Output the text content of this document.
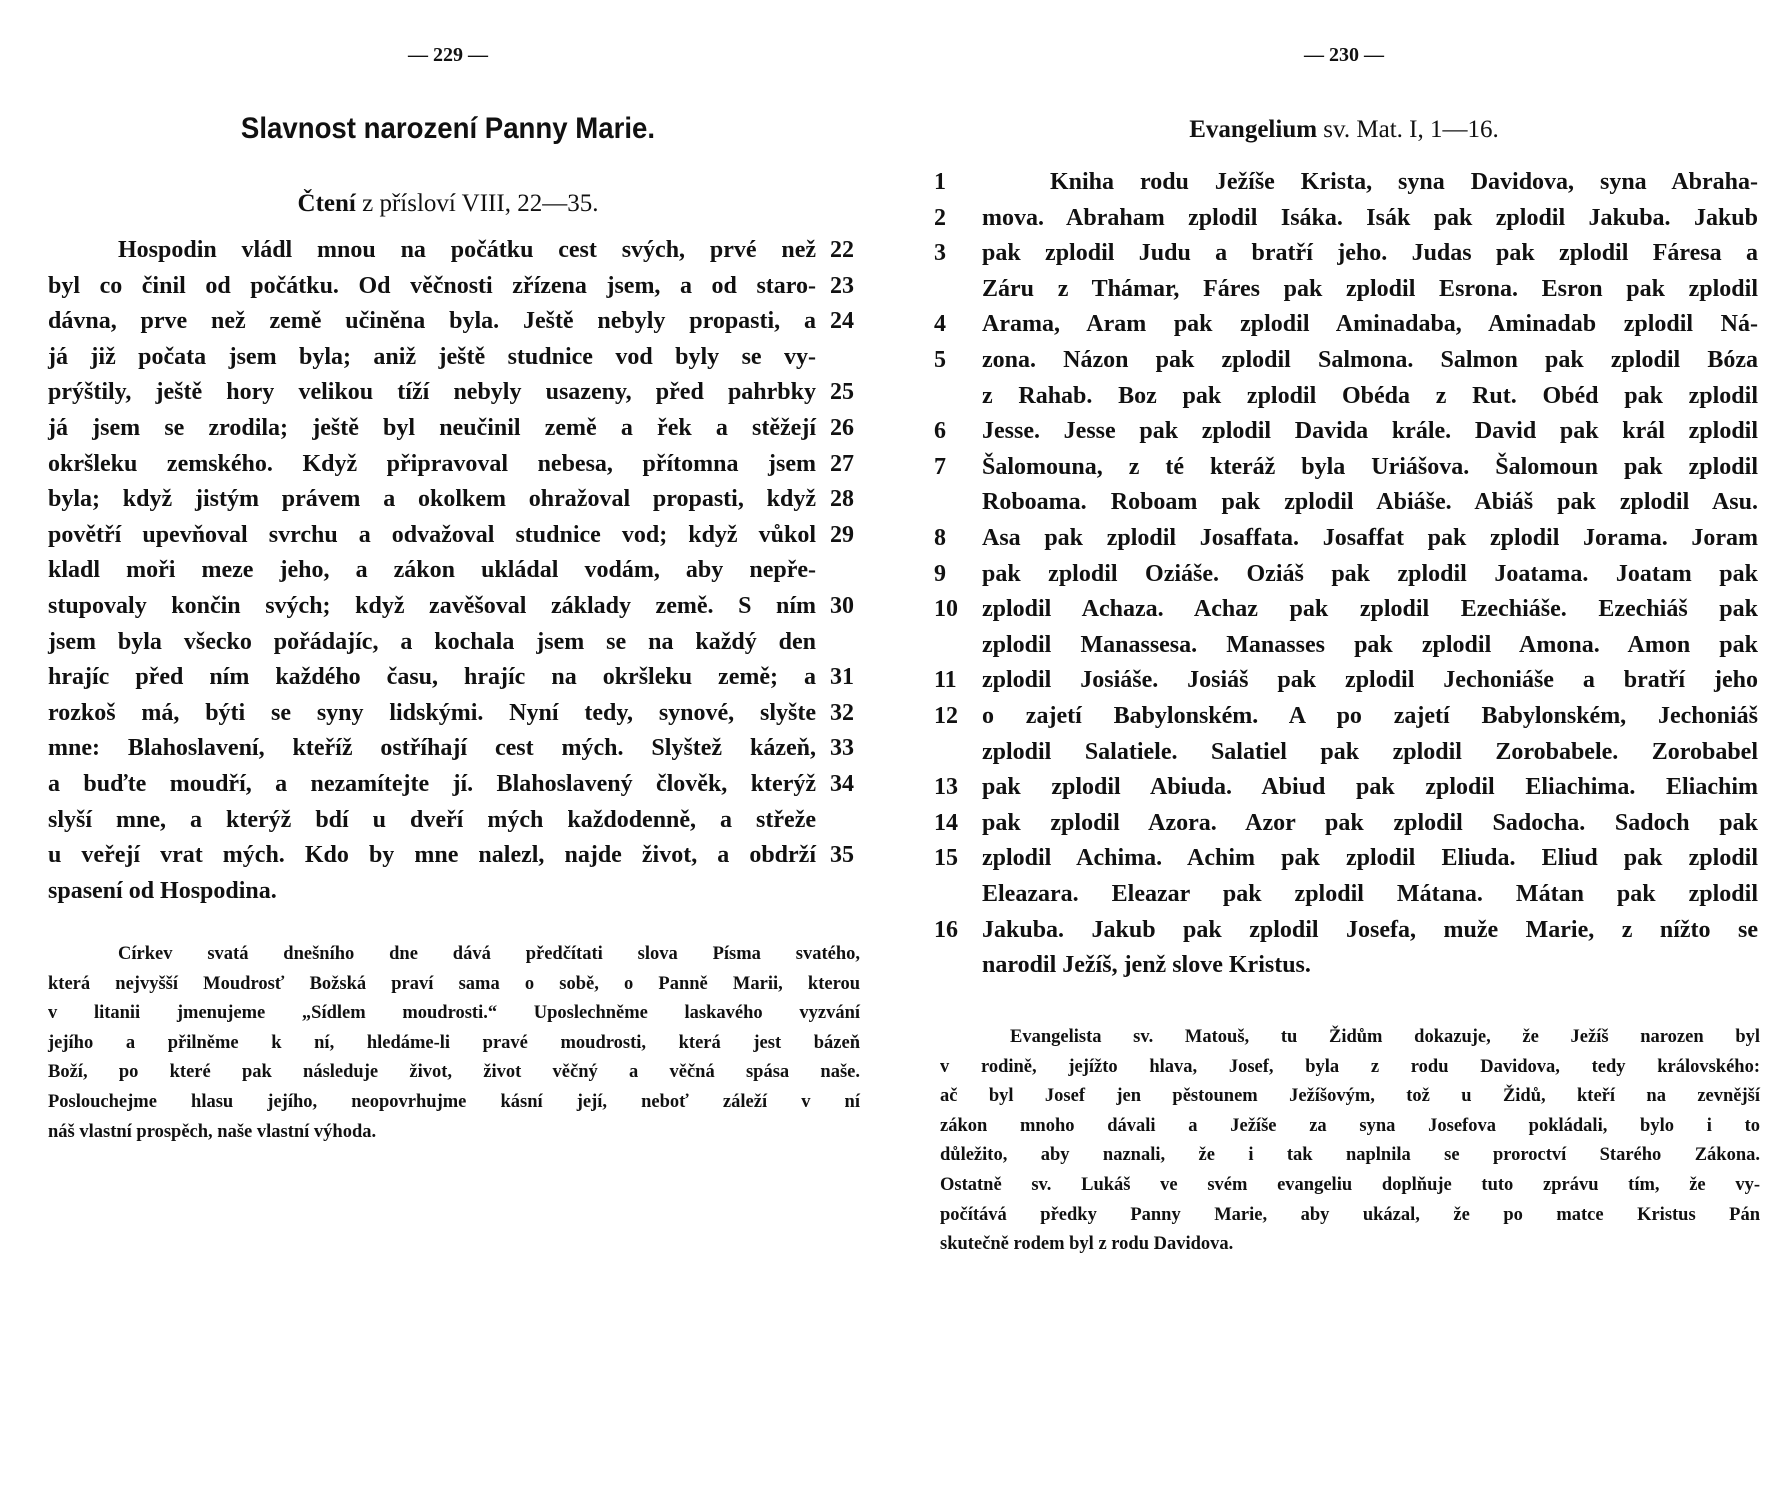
— 229 —
Slavnost narození Panny Marie.
Čtení z přísloví VIII, 22—35.
Hospodin vládl mnou na počátku cest svých, prvé než 22
byl co činil od počátku. Od věčnosti zřízena jsem, a od staro- 23
dávna, prve než země učiněna byla. Ještě nebyly propasti, a 24
já již počata jsem byla; aniž ještě studnice vod byly se vy-
prýštily, ještě hory velikou tíží nebyly usazeny, před pahrbky 25
já jsem se zrodila; ještě byl neučinil země a řek a stěžejí 26
okršleku zemského. Když připravoval nebesa, přítomna jsem 27
byla; když jistým právem a okolkem ohražoval propasti, když 28
povětří upevňoval svrchu a odvažoval studnice vod; když vůkol 29
kladl moři meze jeho, a zákon ukládal vodám, aby nepře-
stupovaly končin svých; když zavěšoval základy země. S ním 30
jsem byla všecko pořádajíc, a kochala jsem se na každý den
hrajíc před ním každého času, hrajíc na okršleku země; a 31
rozkoš má, býti se syny lidskými. Nyní tedy, synové, slyšte 32
mne: Blahoslavení, kteříž ostříhají cest mých. Slyštež kázeň, 33
a buďte moudří, a nezamítejte jí. Blahoslavený člověk, kterýž 34
slyší mne, a kterýž bdí u dveří mých každodenně, a střeže
u veřejí vrat mých. Kdo by mne nalezl, najde život, a obdrží 35
spasení od Hospodina.
Církev svatá dnešního dne dává předčítati slova Písma svatého,
která nejvyšší Moudrosť Božská praví sama o sobě, o Panně Marii, kterou
v litanii jmenujeme „Sídlem moudrosti.“ Uposlechněme laskavého vyzvání
jejího a přilněme k ní, hledáme-li pravé moudrosti, která jest bázeň
Boží, po které pak následuje život, život věčný a věčná spása naše.
Poslouchejme hlasu jejího, neopovrhujme kásní její, neboť záleží v ní
náš vlastní prospěch, naše vlastní výhoda.
— 230 —
Evangelium sv. Mat. I, 1—16.
1	Kniha rodu Ježíše Krista, syna Davidova, syna Abraha-
2 mova. Abraham zplodil Isáka. Isák pak zplodil Jakuba. Jakub
3 pak zplodil Judu a bratří jeho. Judas pak zplodil Fáresa a
Záru z Thámar, Fáres pak zplodil Esrona. Esron pak zplodil
4 Arama, Aram pak zplodil Aminadaba, Aminadab zplodil Ná-
5 zona. Názon pak zplodil Salmona. Salmon pak zplodil Bóza
z Rahab. Boz pak zplodil Obéda z Rut. Obéd pak zplodil
6 Jesse. Jesse pak zplodil Davida krále. David pak král zplodil
7 Šalomouna, z té kteráž byla Uriášova. Šalomoun pak zplodil
Roboama. Roboam pak zplodil Abiáše. Abiáš pak zplodil Asu.
8 Asa pak zplodil Josaffata. Josaffat pak zplodil Jorama. Joram
9 pak zplodil Oziáše. Oziáš pak zplodil Joatama. Joatam pak
10 zplodil Achaza. Achaz pak zplodil Ezechiáše. Ezechiáš pak
zplodil Manassesa. Manasses pak zplodil Amona. Amon pak
11 zplodil Josiáše. Josiáš pak zplodil Jechoniáše a bratří jeho
12 o zajetí Babylonském. A po zajetí Babylonském, Jechoniáš
zplodil Salatiele. Salatiel pak zplodil Zorobabele. Zorobabel
13 pak zplodil Abiuda. Abiud pak zplodil Eliachima. Eliachim
14 pak zplodil Azora. Azor pak zplodil Sadocha. Sadoch pak
15 zplodil Achima. Achim pak zplodil Eliuda. Eliud pak zplodil
Eleazara. Eleazar pak zplodil Mátana. Mátan pak zplodil
16 Jakuba. Jakub pak zplodil Josefa, muže Marie, z nížto se
narodil Ježíš, jenž slove Kristus.
Evangelista sv. Matouš, tu Židům dokazuje, že Ježíš narozen byl
v rodině, jejížto hlava, Josef, byla z rodu Davidova, tedy královského:
ač byl Josef jen pěstounem Ježíšovým, tož u Židů, kteří na zevnější
zákon mnoho dávali a Ježíše za syna Josefova pokládali, bylo i to
důležito, aby naznali, že i tak naplnila se proroctví Starého Zákona.
Ostatně sv. Lukáš ve svém evangeliu doplňuje tuto zprávu tím, že vy-
počítává předky Panny Marie, aby ukázal, že po matce Kristus Pán
skutečně rodem byl z rodu Davidova.
